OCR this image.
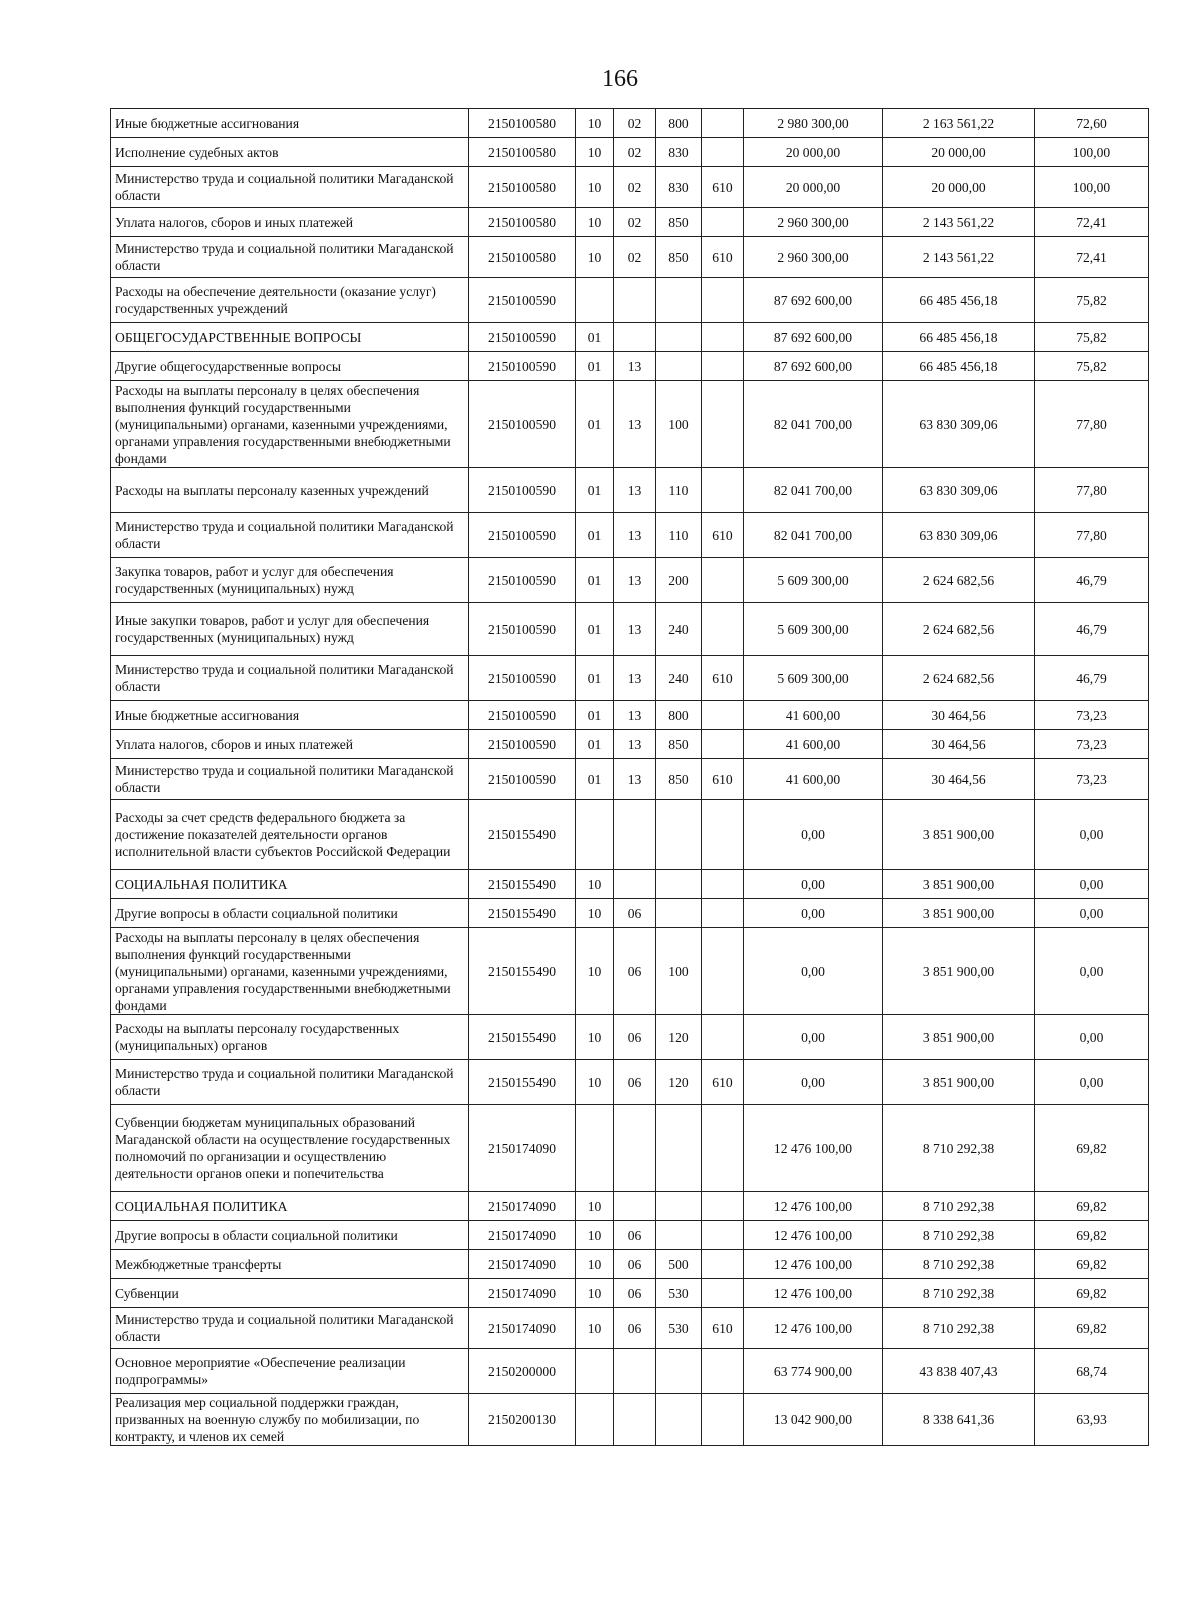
166
Иные бюджетные ассигнования	2150100580	10	02	800		2 980 300,00	2 163 561,22	72,60
Исполнение судебных актов	2150100580	10	02	830		20 000,00	20 000,00	100,00
Министерство труда и социальной политики Магаданской области	2150100580	10	02	830	610	20 000,00	20 000,00	100,00
Уплата налогов, сборов и иных платежей	2150100580	10	02	850		2 960 300,00	2 143 561,22	72,41
Министерство труда и социальной политики Магаданской области	2150100580	10	02	850	610	2 960 300,00	2 143 561,22	72,41
Расходы на обеспечение деятельности (оказание услуг) государственных учреждений	2150100590					87 692 600,00	66 485 456,18	75,82
ОБЩЕГОСУДАРСТВЕННЫЕ ВОПРОСЫ	2150100590	01				87 692 600,00	66 485 456,18	75,82
Другие общегосударственные вопросы	2150100590	01	13			87 692 600,00	66 485 456,18	75,82
Расходы на выплаты персоналу в целях обеспечения выполнения функций государственными (муниципальными) органами, казенными учреждениями, органами управления государственными внебюджетными фондами	2150100590	01	13	100		82 041 700,00	63 830 309,06	77,80
Расходы на выплаты персоналу казенных учреждений	2150100590	01	13	110		82 041 700,00	63 830 309,06	77,80
Министерство труда и социальной политики Магаданской области	2150100590	01	13	110	610	82 041 700,00	63 830 309,06	77,80
Закупка товаров, работ и услуг для обеспечения государственных (муниципальных) нужд	2150100590	01	13	200		5 609 300,00	2 624 682,56	46,79
Иные закупки товаров, работ и услуг для обеспечения государственных (муниципальных) нужд	2150100590	01	13	240		5 609 300,00	2 624 682,56	46,79
Министерство труда и социальной политики Магаданской области	2150100590	01	13	240	610	5 609 300,00	2 624 682,56	46,79
Иные бюджетные ассигнования	2150100590	01	13	800		41 600,00	30 464,56	73,23
Уплата налогов, сборов и иных платежей	2150100590	01	13	850		41 600,00	30 464,56	73,23
Министерство труда и социальной политики Магаданской области	2150100590	01	13	850	610	41 600,00	30 464,56	73,23
Расходы за счет средств федерального бюджета за достижение показателей деятельности органов исполнительной власти субъектов Российской Федерации	2150155490					0,00	3 851 900,00	0,00
СОЦИАЛЬНАЯ ПОЛИТИКА	2150155490	10				0,00	3 851 900,00	0,00
Другие вопросы в области социальной политики	2150155490	10	06			0,00	3 851 900,00	0,00
Расходы на выплаты персоналу в целях обеспечения выполнения функций государственными (муниципальными) органами, казенными учреждениями, органами управления государственными внебюджетными фондами	2150155490	10	06	100		0,00	3 851 900,00	0,00
Расходы на выплаты персоналу государственных (муниципальных) органов	2150155490	10	06	120		0,00	3 851 900,00	0,00
Министерство труда и социальной политики Магаданской области	2150155490	10	06	120	610	0,00	3 851 900,00	0,00
Субвенции бюджетам муниципальных образований Магаданской области на осуществление государственных полномочий по организации и осуществлению деятельности органов опеки и попечительства	2150174090					12 476 100,00	8 710 292,38	69,82
СОЦИАЛЬНАЯ ПОЛИТИКА	2150174090	10				12 476 100,00	8 710 292,38	69,82
Другие вопросы в области социальной политики	2150174090	10	06			12 476 100,00	8 710 292,38	69,82
Межбюджетные трансферты	2150174090	10	06	500		12 476 100,00	8 710 292,38	69,82
Субвенции	2150174090	10	06	530		12 476 100,00	8 710 292,38	69,82
Министерство труда и социальной политики Магаданской области	2150174090	10	06	530	610	12 476 100,00	8 710 292,38	69,82
Основное мероприятие «Обеспечение реализации подпрограммы»	2150200000					63 774 900,00	43 838 407,43	68,74
Реализация мер социальной поддержки граждан, призванных на военную службу по мобилизации, по контракту, и членов их семей	2150200130					13 042 900,00	8 338 641,36	63,93
